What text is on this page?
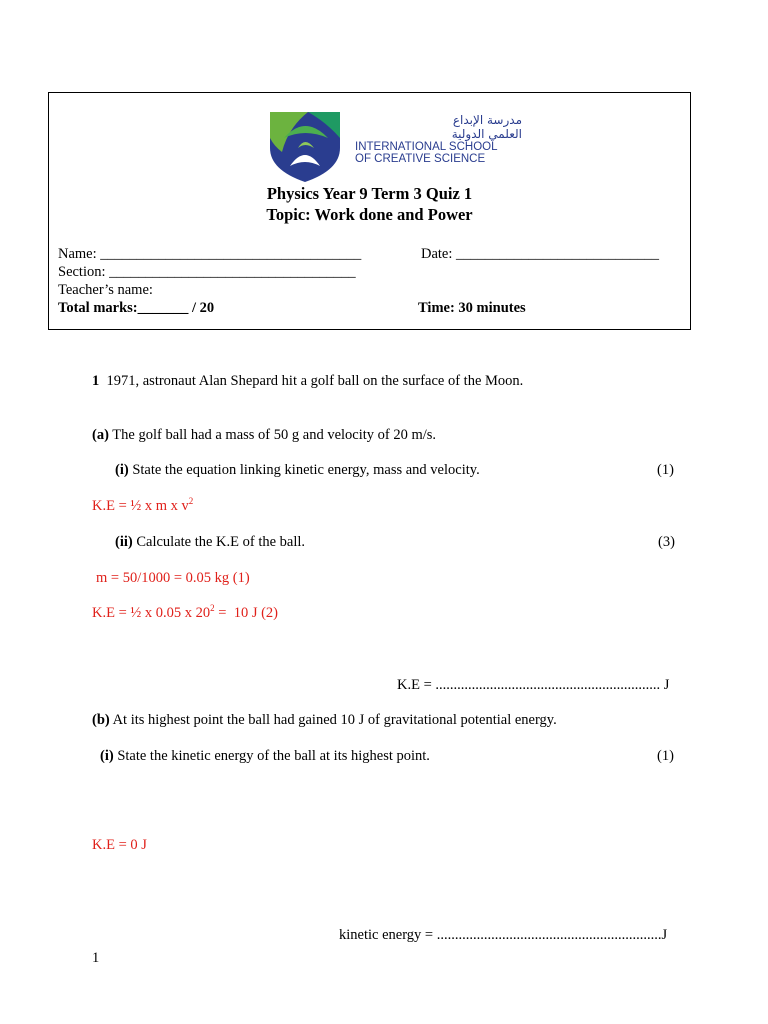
مدرسة الإبداع
العلمي الدولية
INTERNATIONAL SCHOOL
OF CREATIVE SCIENCE
Physics Year 9 Term 3 Quiz 1
Topic: Work done and Power
Name: ____________________________________	Date: ____________________________
Section: __________________________________
Teacher’s name:
Total marks:_______ / 20	Time: 30 minutes
1 1971, astronaut Alan Shepard hit a golf ball on the surface of the Moon.
(a) The golf ball had a mass of 50 g and velocity of 20 m/s.
(i) State the equation linking kinetic energy, mass and velocity.	(1)
K.E = ½ x m x $v^2$
(ii) Calculate the K.E of the ball.	(3)
m = 50/1000 = 0.05 kg (1)
K.E = ½ x 0.05 x $20^2 = 10$ J (2)
K.E = .............................................................. J
(b) At its highest point the ball had gained 10 J of gravitational potential energy.
(i) State the kinetic energy of the ball at its highest point.	(1)
K.E = 0 J
kinetic energy = ..............................................................J
1
